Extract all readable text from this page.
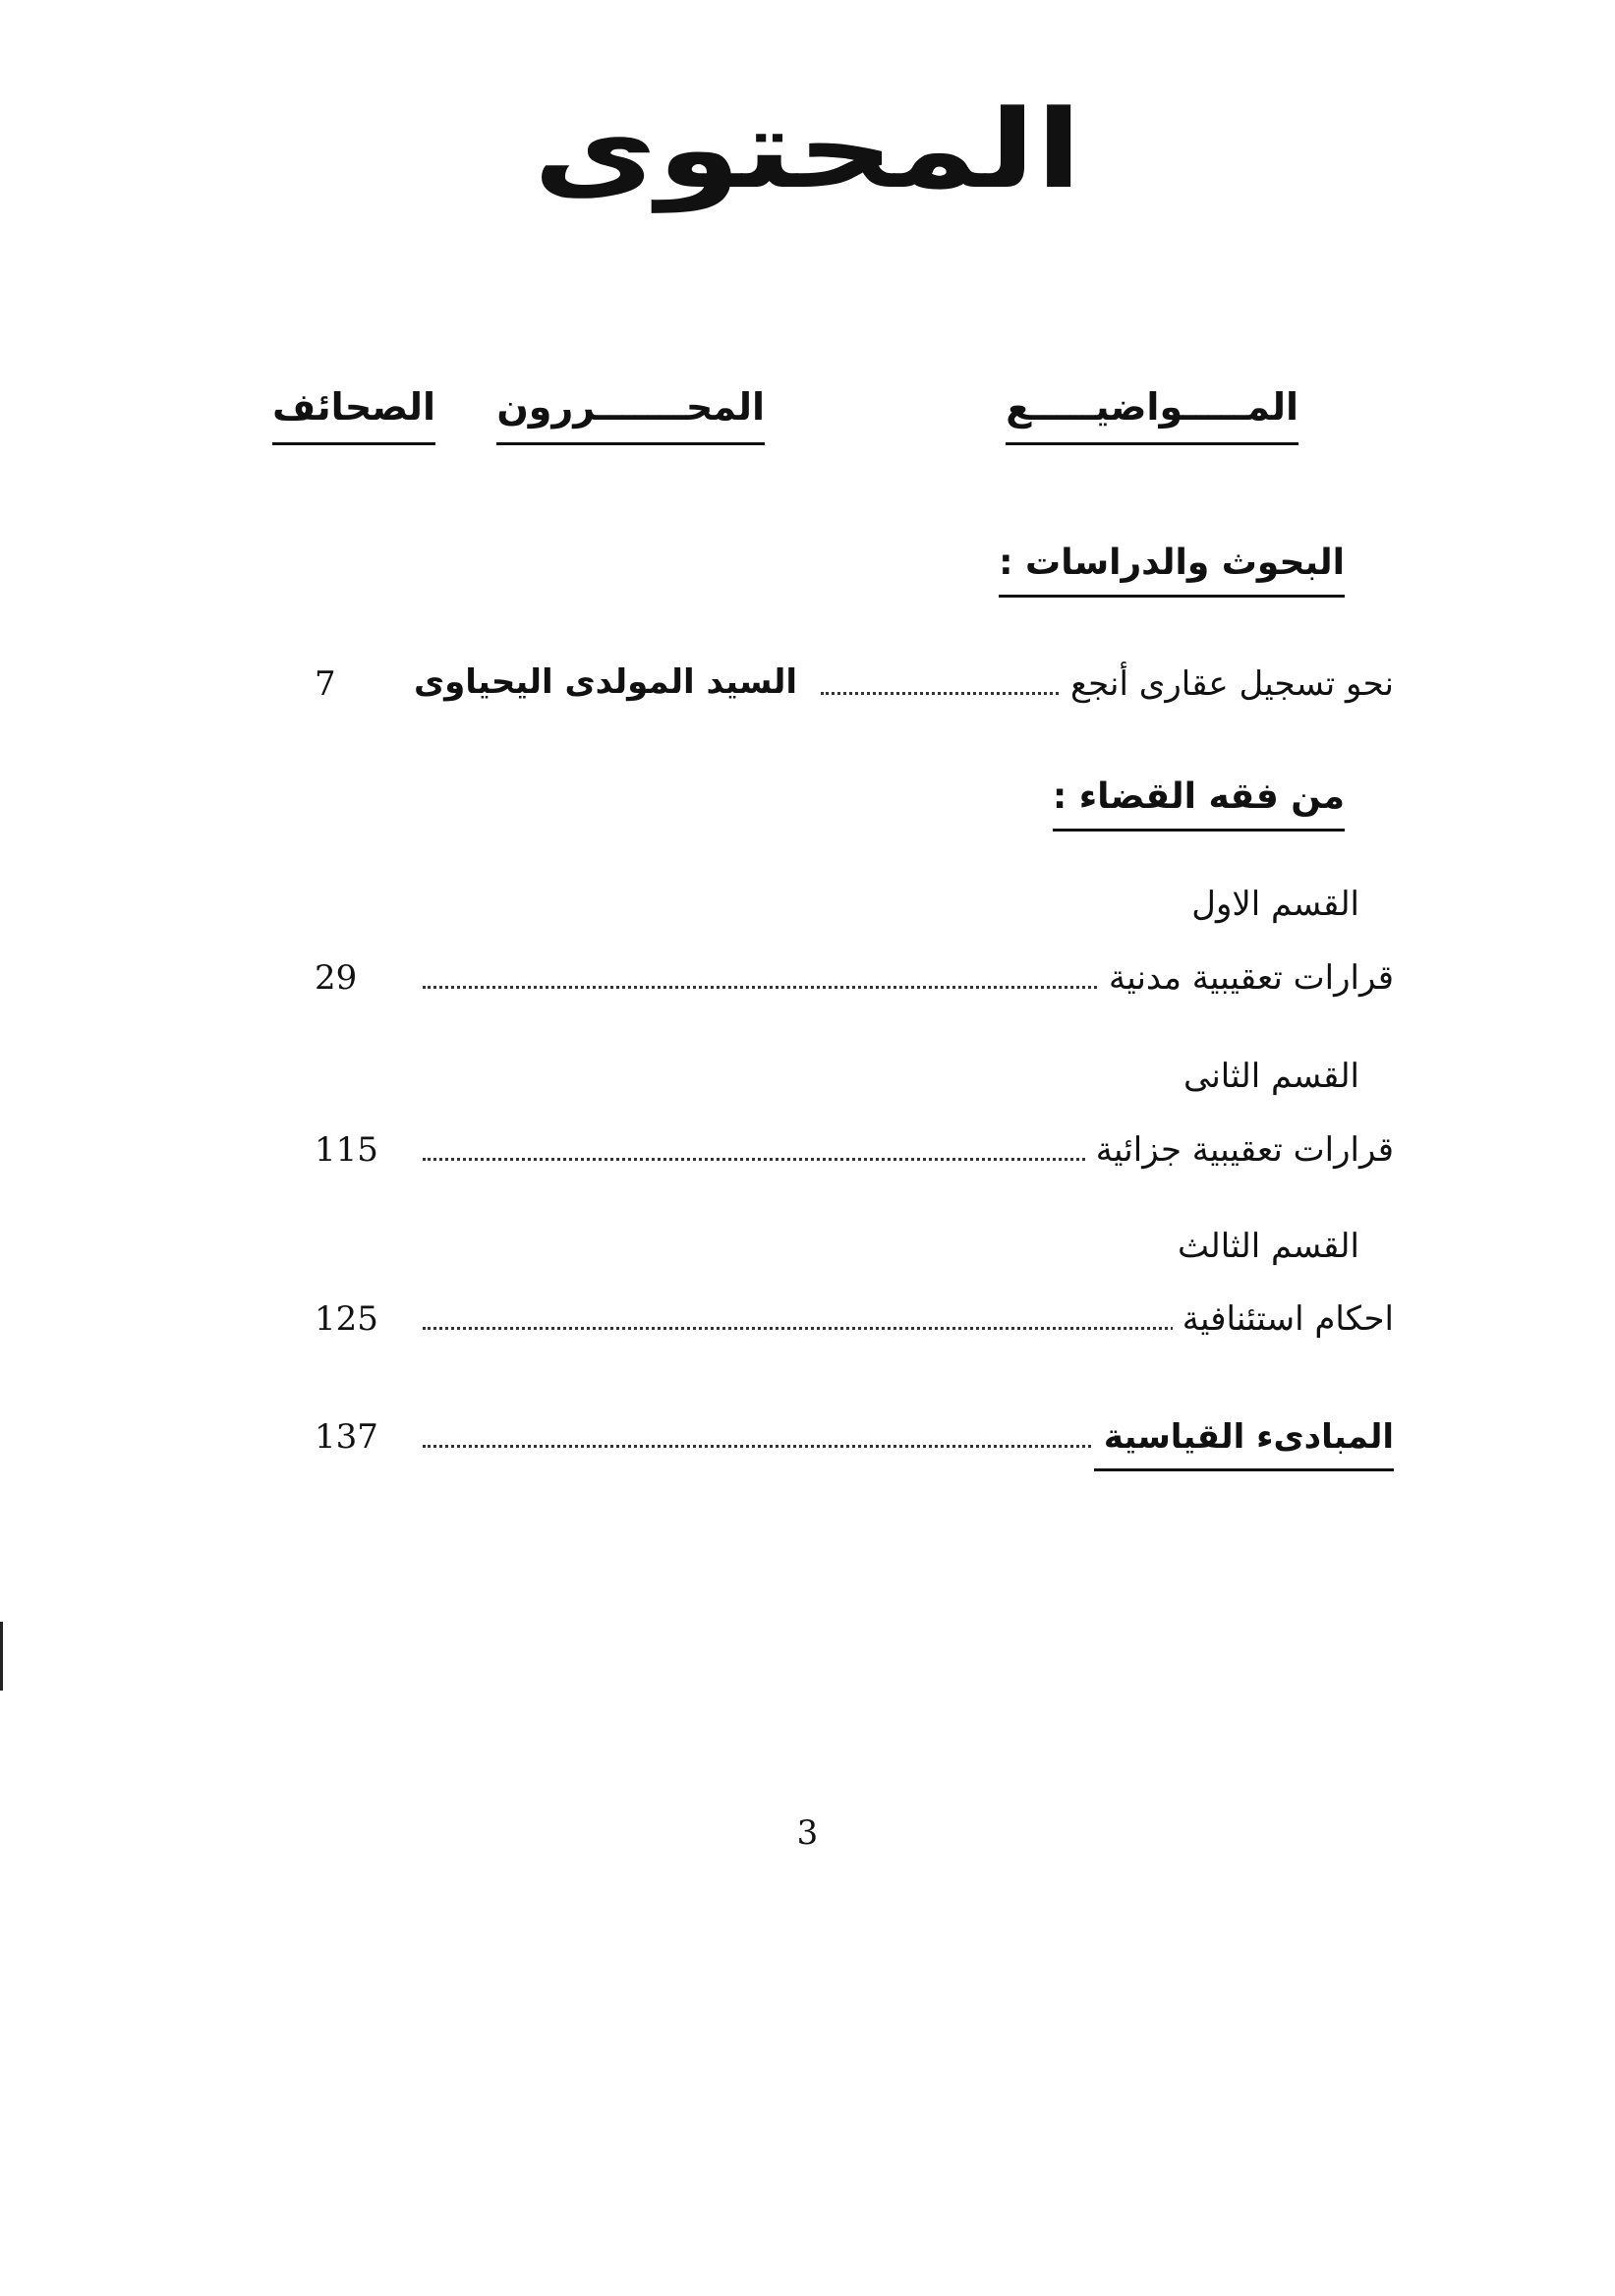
المحتوى
المـــــواضيـــــع
المحـــــــررون
الصحائف
البحوث والدراسات :
نحو تسجيل عقارى أنجع
السيد المولدى اليحياوى
7
من فقه القضاء :
القسم الاول
قرارات تعقيبية مدنية
29
القسم الثانى
قرارات تعقيبية جزائية
115
القسم الثالث
احكام استئنافية
125
المبادىء القياسية
137
3
